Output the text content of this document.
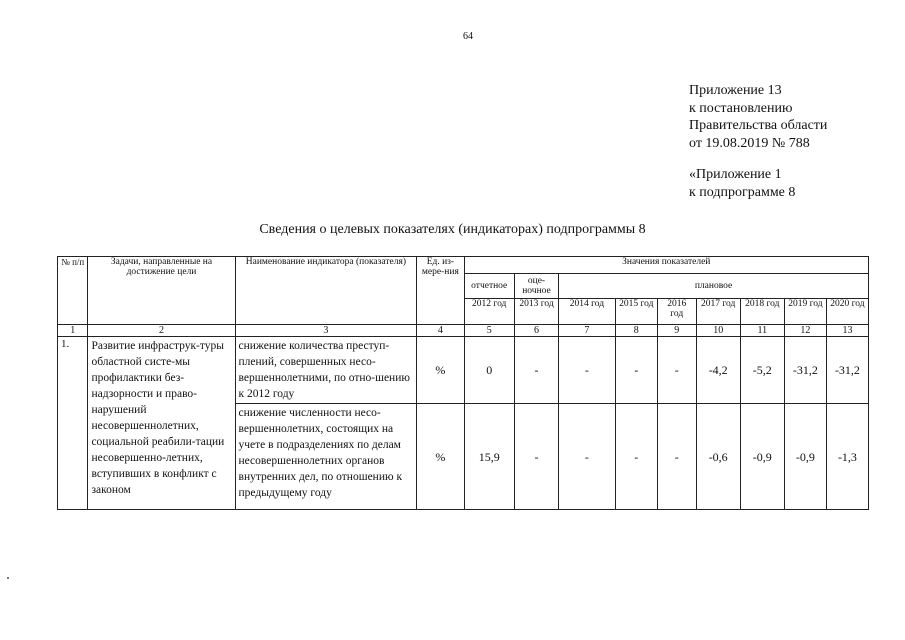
64
Приложение 13
к постановлению
Правительства области
от 19.08.2019 № 788
«Приложение 1
к подпрограмме 8
Сведения о целевых показателях (индикаторах) подпрограммы 8
№ п/п	Задачи, направленные на достижение цели	Наименование индикатора (показателя)	Ед. из-мере-ния	Значения показателей								
				отчетное	оце-ночное	плановое						
				2012 год	2013 год	2014 год	2015 год	2016 год	2017 год	2018 год	2019 год	2020 год
1	2	3	4	5	6	7	8	9	10	11	12	13
1.	Развитие инфраструк-туры областной систе-мы профилактики без-надзорности и право-нарушений несовершеннолетних, социальной реабили-тации несовершенно-летних, вступивших в конфликт с законом	снижение количества преступ-плений, совершенных несо-вершеннолетними, по отно-шению к 2012 году	%	0	-	-	-	-	-4,2	-5,2	-31,2	-31,2
		снижение численности несо-вершеннолетних, состоящих на учете в подразделениях по делам несовершеннолетних органов внутренних дел, по отношению к предыдущему году	%	15,9	-	-	-	-	-0,6	-0,9	-0,9	-1,3
